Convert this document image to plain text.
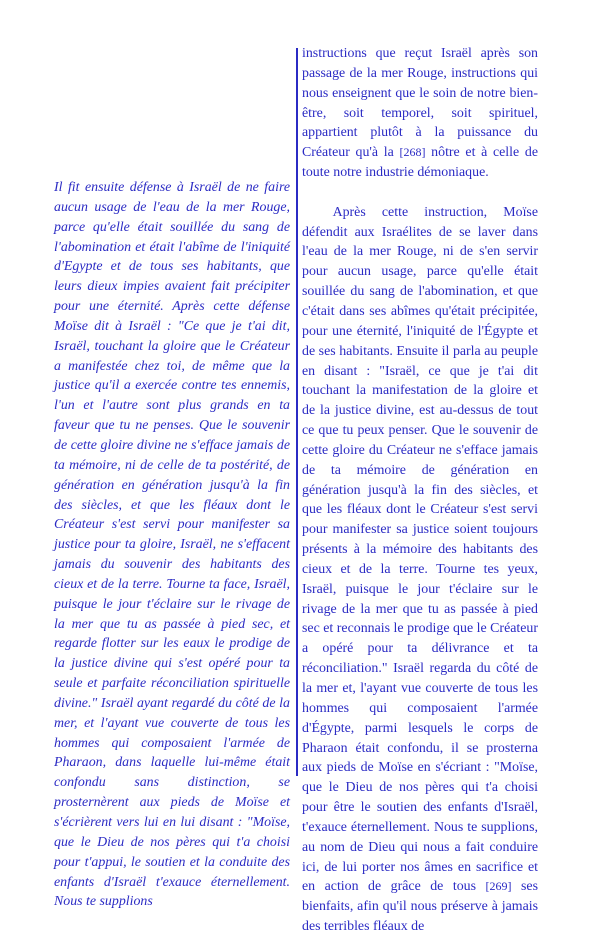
Il fit ensuite défense à Israël de ne faire aucun usage de l'eau de la mer Rouge, parce qu'elle était souillée du sang de l'abomination et était l'abîme de l'iniquité d'Egypte et de tous ses habitants, que leurs dieux impies avaient fait précipiter pour une éternité. Après cette défense Moïse dit à Israël : "Ce que je t'ai dit, Israël, touchant la gloire que le Créateur a manifestée chez toi, de même que la justice qu'il a exercée contre tes ennemis, l'un et l'autre sont plus grands en ta faveur que tu ne penses. Que le souvenir de cette gloire divine ne s'efface jamais de ta mémoire, ni de celle de ta postérité, de génération en génération jusqu'à la fin des siècles, et que les fléaux dont le Créateur s'est servi pour manifester sa justice pour ta gloire, Israël, ne s'effacent jamais du souvenir des habitants des cieux et de la terre. Tourne ta face, Israël, puisque le jour t'éclaire sur le rivage de la mer que tu as passée à pied sec, et regarde flotter sur les eaux le prodige de la justice divine qui s'est opéré pour ta seule et parfaite réconciliation spirituelle divine." Israël ayant regardé du côté de la mer, et l'ayant vue couverte de tous les hommes qui composaient l'armée de Pharaon, dans laquelle lui-même était confondu sans distinction, se prosternèrent aux pieds de Moïse et s'écrièrent vers lui en lui disant : "Moïse, que le Dieu de nos pères qui t'a choisi pour t'appui, le soutien et la conduite des enfants d'Israël t'exauce éternellement. Nous te supplions

instructions que reçut Israël après son passage de la mer Rouge, instructions qui nous enseignent que le soin de notre bien-être, soit temporel, soit spirituel, appartient plutôt à la puissance du Créateur qu'à la [268] nôtre et à celle de toute notre industrie démoniaque.

Après cette instruction, Moïse défendit aux Israélites de se laver dans l'eau de la mer Rouge, ni de s'en servir pour aucun usage, parce qu'elle était souillée du sang de l'abomination, et que c'était dans ses abîmes qu'était précipitée, pour une éternité, l'iniquité de l'Égypte et de ses habitants. Ensuite il parla au peuple en disant : "Israël, ce que je t'ai dit touchant la manifestation de la gloire et de la justice divine, est au-dessus de tout ce que tu peux penser. Que le souvenir de cette gloire du Créateur ne s'efface jamais de ta mémoire de génération en génération jusqu'à la fin des siècles, et que les fléaux dont le Créateur s'est servi pour manifester sa justice soient toujours présents à la mémoire des habitants des cieux et de la terre. Tourne tes yeux, Israël, puisque le jour t'éclaire sur le rivage de la mer que tu as passée à pied sec et reconnais le prodige que le Créateur a opéré pour ta délivrance et ta réconciliation." Israël regarda du côté de la mer et, l'ayant vue couverte de tous les hommes qui composaient l'armée d'Égypte, parmi lesquels le corps de Pharaon était confondu, il se prosterna aux pieds de Moïse en s'écriant : "Moïse, que le Dieu de nos pères qui t'a choisi pour être le soutien des enfants d'Israël, t'exauce éternellement. Nous te supplions, au nom de Dieu qui nous a fait conduire ici, de lui porter nos âmes en sacrifice et en action de grâce de tous [269] ses bienfaits, afin qu'il nous préserve à jamais des terribles fléaux de
